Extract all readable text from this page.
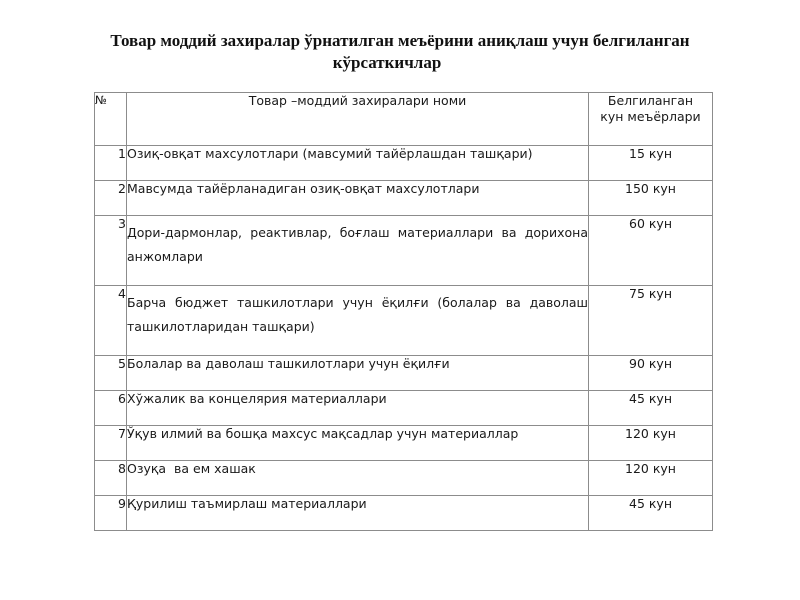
Товар моддий захиралар ўрнатилган меъёрини аниқлаш учун белгиланган
кўрсаткичлар
№	Товар –моддий захиралари номи	Белгиланган
кун меъёрлари
1	Озиқ-овқат махсулотлари (мавсумий тайёрлашдан ташқари)	15 кун
2	Мавсумда тайёрланадиган озиқ-овқат махсулотлари	150 кун
3	Дори-дармонлар, реактивлар, боғлаш материаллари ва дорихона анжомлари	60 кун
4	Барча бюджет ташкилотлари учун ёқилғи (болалар ва даволаш ташкилотларидан ташқари)	75 кун
5	Болалар ва даволаш ташкилотлари учун ёқилғи	90 кун
6	Хўжалик ва концелярия материаллари	45 кун
7	Ўқув илмий ва бошқа махсус мақсадлар учун материаллар	120 кун
8	Озуқа  ва ем хашак	120 кун
9	Қурилиш таъмирлаш материаллари	45 кун
